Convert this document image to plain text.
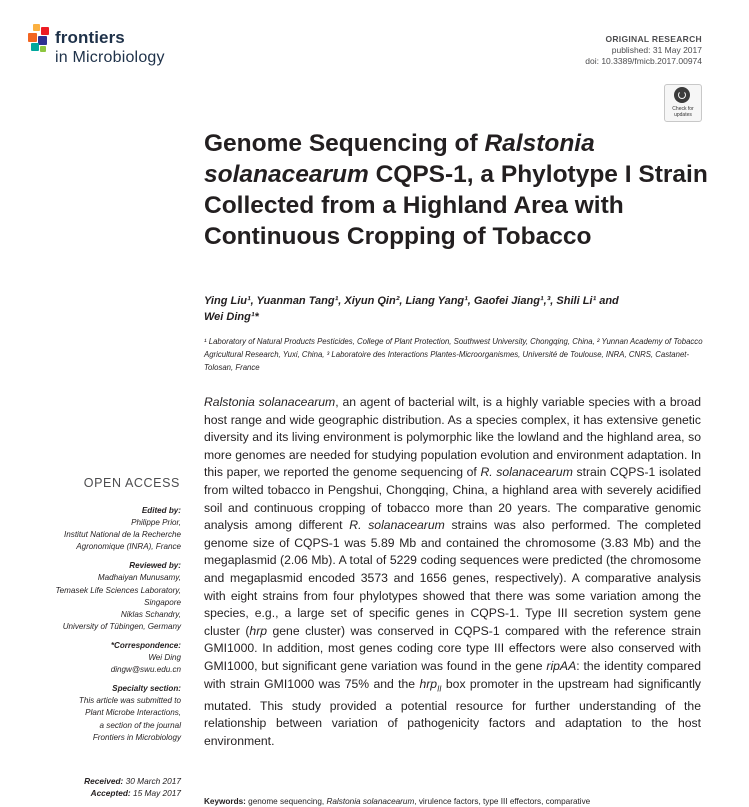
frontiers
in Microbiology
ORIGINAL RESEARCH
published: 31 May 2017
doi: 10.3389/fmicb.2017.00974
Check for
updates
Genome Sequencing of Ralstonia solanacearum CQPS-1, a Phylotype I Strain Collected from a Highland Area with Continuous Cropping of Tobacco
Ying Liu¹, Yuanman Tang¹, Xiyun Qin², Liang Yang¹, Gaofei Jiang¹,³, Shili Li¹ and
Wei Ding¹*
¹ Laboratory of Natural Products Pesticides, College of Plant Protection, Southwest University, Chongqing, China, ² Yunnan Academy of Tobacco Agricultural Research, Yuxi, China, ³ Laboratoire des Interactions Plantes-Microorganismes, Université de Toulouse, INRA, CNRS, Castanet-Tolosan, France
Ralstonia solanacearum, an agent of bacterial wilt, is a highly variable species with a broad host range and wide geographic distribution. As a species complex, it has extensive genetic diversity and its living environment is polymorphic like the lowland and the highland area, so more genomes are needed for studying population evolution and environment adaptation. In this paper, we reported the genome sequencing of R. solanacearum strain CQPS-1 isolated from wilted tobacco in Pengshui, Chongqing, China, a highland area with severely acidified soil and continuous cropping of tobacco more than 20 years. The comparative genomic analysis among different R. solanacearum strains was also performed. The completed genome size of CQPS-1 was 5.89 Mb and contained the chromosome (3.83 Mb) and the megaplasmid (2.06 Mb). A total of 5229 coding sequences were predicted (the chromosome and megaplasmid encoded 3573 and 1656 genes, respectively). A comparative analysis with eight strains from four phylotypes showed that there was some variation among the species, e.g., a large set of specific genes in CQPS-1. Type III secretion system gene cluster (hrp gene cluster) was conserved in CQPS-1 compared with the reference strain GMI1000. In addition, most genes coding core type III effectors were also conserved with GMI1000, but significant gene variation was found in the gene ripAA: the identity compared with strain GMI1000 was 75% and the hrp$_{II}$ box promoter in the upstream had significantly mutated. This study provided a potential resource for further understanding of the relationship between variation of pathogenicity factors and adaptation to the host environment.
OPEN ACCESS
Edited by:
Philippe Prior,
Institut National de la Recherche
Agronomique (INRA), France
Reviewed by:
Madhaiyan Munusamy,
Temasek Life Sciences Laboratory,
Singapore
Niklas Schandry,
University of Tübingen, Germany
*Correspondence:
Wei Ding
dingw@swu.edu.cn
Specialty section:
This article was submitted to
Plant Microbe Interactions,
a section of the journal
Frontiers in Microbiology
Received: 30 March 2017
Accepted: 15 May 2017
Keywords: genome sequencing, Ralstonia solanacearum, virulence factors, type III effectors, comparative
